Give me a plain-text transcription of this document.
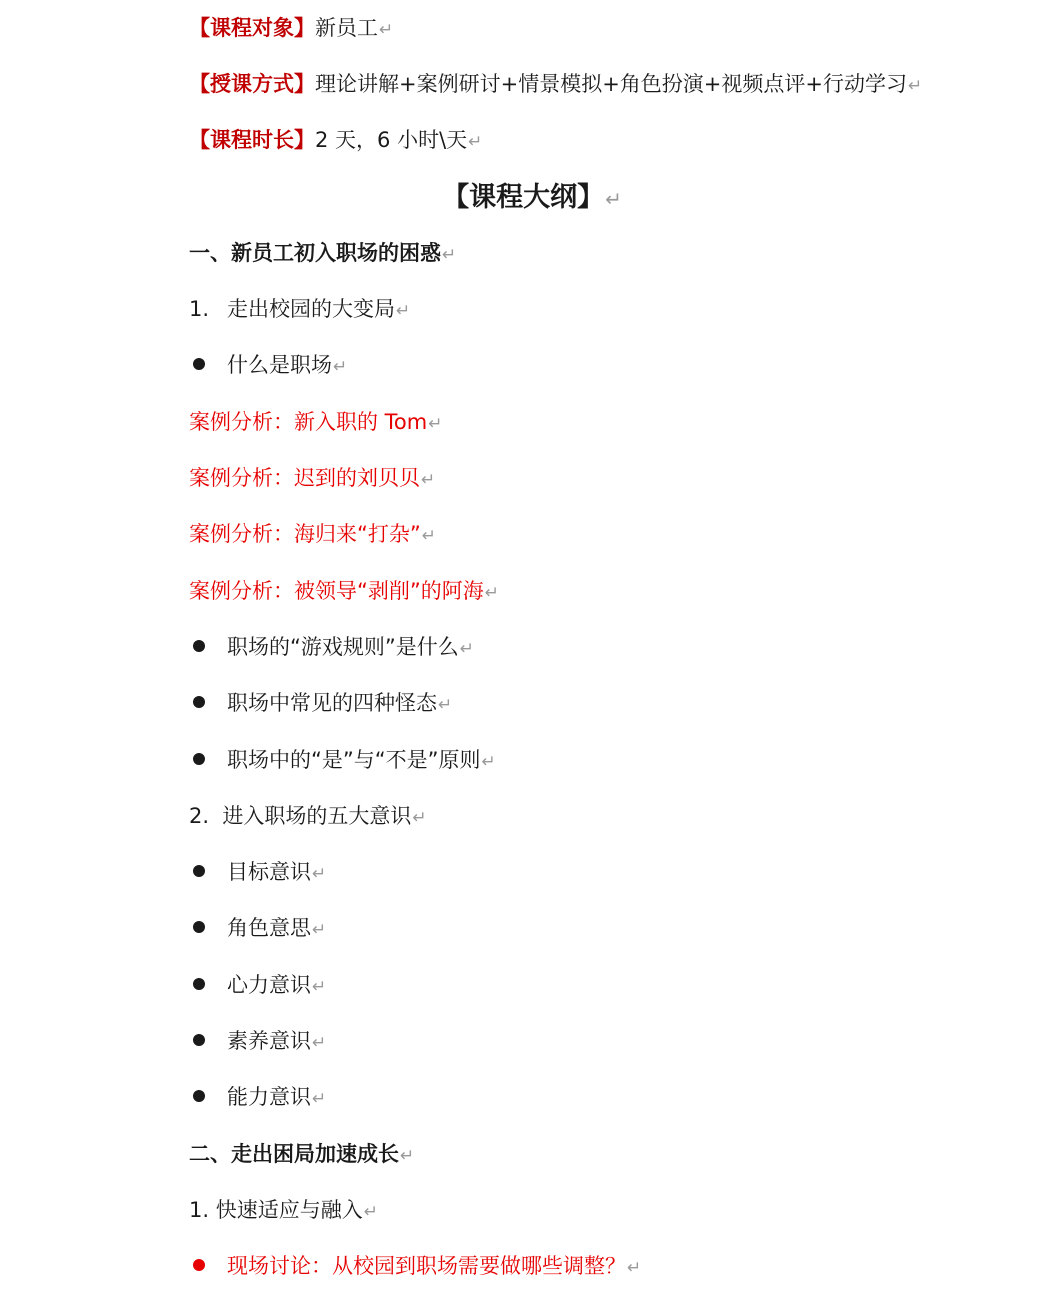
【课程对象】新员工↵
【授课方式】理论讲解+案例研讨+情景模拟+角色扮演+视频点评+行动学习↵
【课程时长】2 天，6 小时\天↵
【课程大纲】↵
一、新员工初入职场的困惑↵
1. 走出校园的大变局↵
什么是职场↵
案例分析：新入职的 Tom↵
案例分析：迟到的刘贝贝↵
案例分析：海归来“打杂”↵
案例分析：被领导“剥削”的阿海↵
职场的“游戏规则”是什么↵
职场中常见的四种怪态↵
职场中的“是”与“不是”原则↵
2.  进入职场的五大意识↵
目标意识↵
角色意思↵
心力意识↵
素养意识↵
能力意识↵
二、走出困局加速成长↵
1. 快速适应与融入↵
现场讨论：从校园到职场需要做哪些调整？↵
